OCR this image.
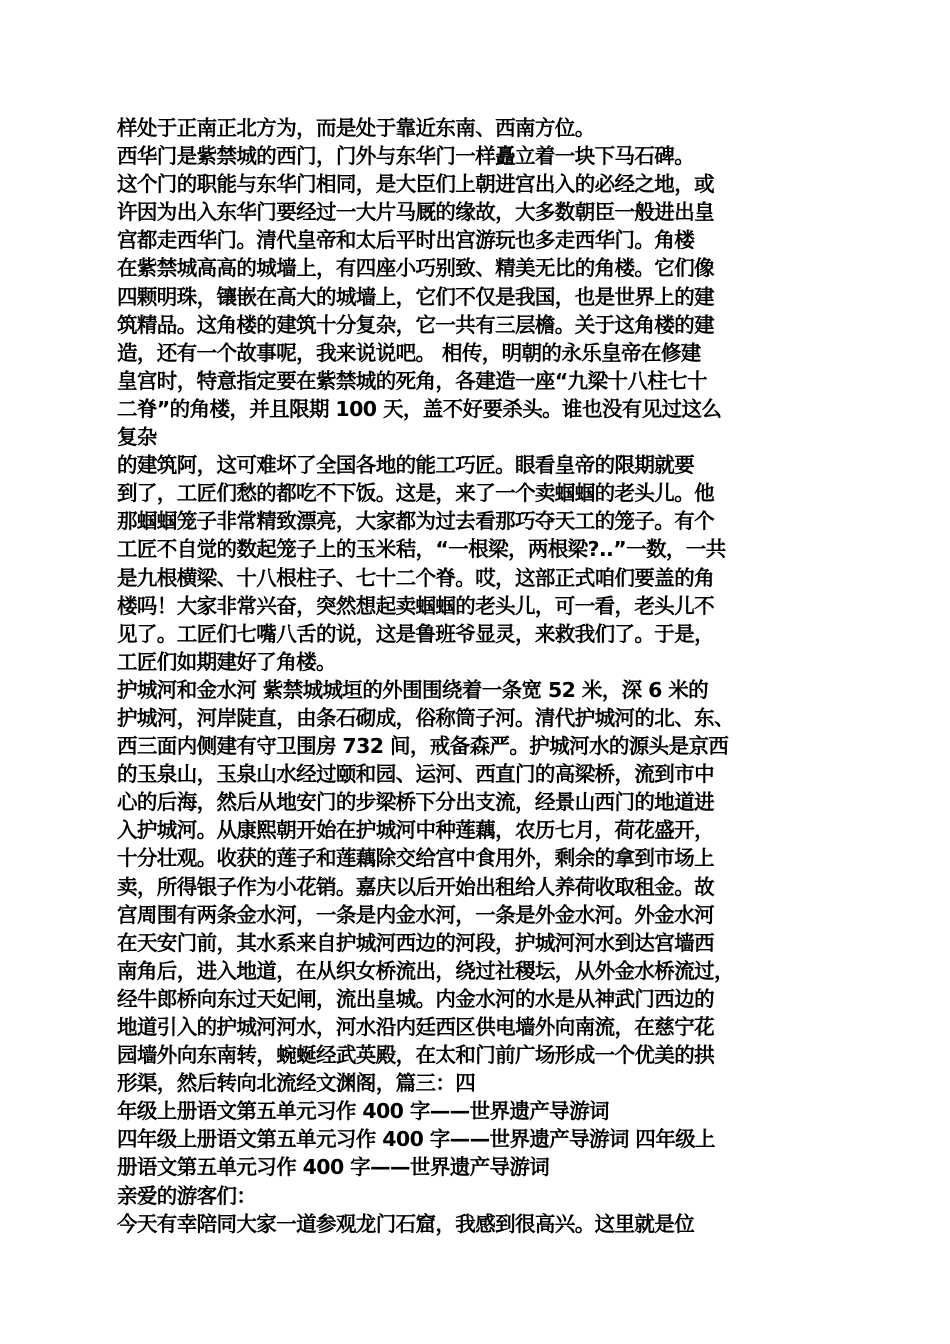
样处于正南正北方为，而是处于靠近东南、西南方位。
西华门是紫禁城的西门，门外与东华门一样矗立着一块下马石碑。
这个门的职能与东华门相同，是大臣们上朝进宫出入的必经之地，或
许因为出入东华门要经过一大片马厩的缘故，大多数朝臣一般进出皇
宫都走西华门。清代皇帝和太后平时出宫游玩也多走西华门。角楼
在紫禁城高高的城墙上，有四座小巧别致、精美无比的角楼。它们像
四颗明珠，镶嵌在高大的城墙上，它们不仅是我国，也是世界上的建
筑精品。这角楼的建筑十分复杂，它一共有三层檐。关于这角楼的建
造，还有一个故事呢，我来说说吧。 相传，明朝的永乐皇帝在修建
皇宫时，特意指定要在紫禁城的死角，各建造一座“九梁十八柱七十
二脊”的角楼，并且限期 100 天，盖不好要杀头。谁也没有见过这么
复杂
的建筑阿，这可难坏了全国各地的能工巧匠。眼看皇帝的限期就要
到了，工匠们愁的都吃不下饭。这是，来了一个卖蝈蝈的老头儿。他
那蝈蝈笼子非常精致漂亮，大家都为过去看那巧夺天工的笼子。有个
工匠不自觉的数起笼子上的玉米秸，“一根梁，两根梁?..”一数，一共
是九根横梁、十八根柱子、七十二个脊。哎，这部正式咱们要盖的角
楼吗！大家非常兴奋，突然想起卖蝈蝈的老头儿，可一看，老头儿不
见了。工匠们七嘴八舌的说，这是鲁班爷显灵，来救我们了。于是，
工匠们如期建好了角楼。
护城河和金水河 紫禁城城垣的外围围绕着一条宽 52 米，深 6 米的
护城河，河岸陡直，由条石砌成，俗称筒子河。清代护城河的北、东、
西三面内侧建有守卫围房 732 间，戒备森严。护城河水的源头是京西
的玉泉山，玉泉山水经过颐和园、运河、西直门的高梁桥，流到市中
心的后海，然后从地安门的步梁桥下分出支流，经景山西门的地道进
入护城河。从康熙朝开始在护城河中种莲藕，农历七月，荷花盛开，
十分壮观。收获的莲子和莲藕除交给宫中食用外，剩余的拿到市场上
卖，所得银子作为小花销。嘉庆以后开始出租给人养荷收取租金。故
宫周围有两条金水河，一条是内金水河，一条是外金水河。外金水河
在天安门前，其水系来自护城河西边的河段，护城河河水到达宫墙西
南角后，进入地道，在从织女桥流出，绕过社稷坛，从外金水桥流过，
经牛郎桥向东过天妃闸，流出皇城。内金水河的水是从神武门西边的
地道引入的护城河河水，河水沿内廷西区供电墙外向南流，在慈宁花
园墙外向东南转，蜿蜒经武英殿，在太和门前广场形成一个优美的拱
形渠，然后转向北流经文渊阁，篇三：四
年级上册语文第五单元习作 400 字——世界遗产导游词
四年级上册语文第五单元习作 400 字——世界遗产导游词 四年级上
册语文第五单元习作 400 字——世界遗产导游词
亲爱的游客们：
今天有幸陪同大家一道参观龙门石窟，我感到很高兴。这里就是位
